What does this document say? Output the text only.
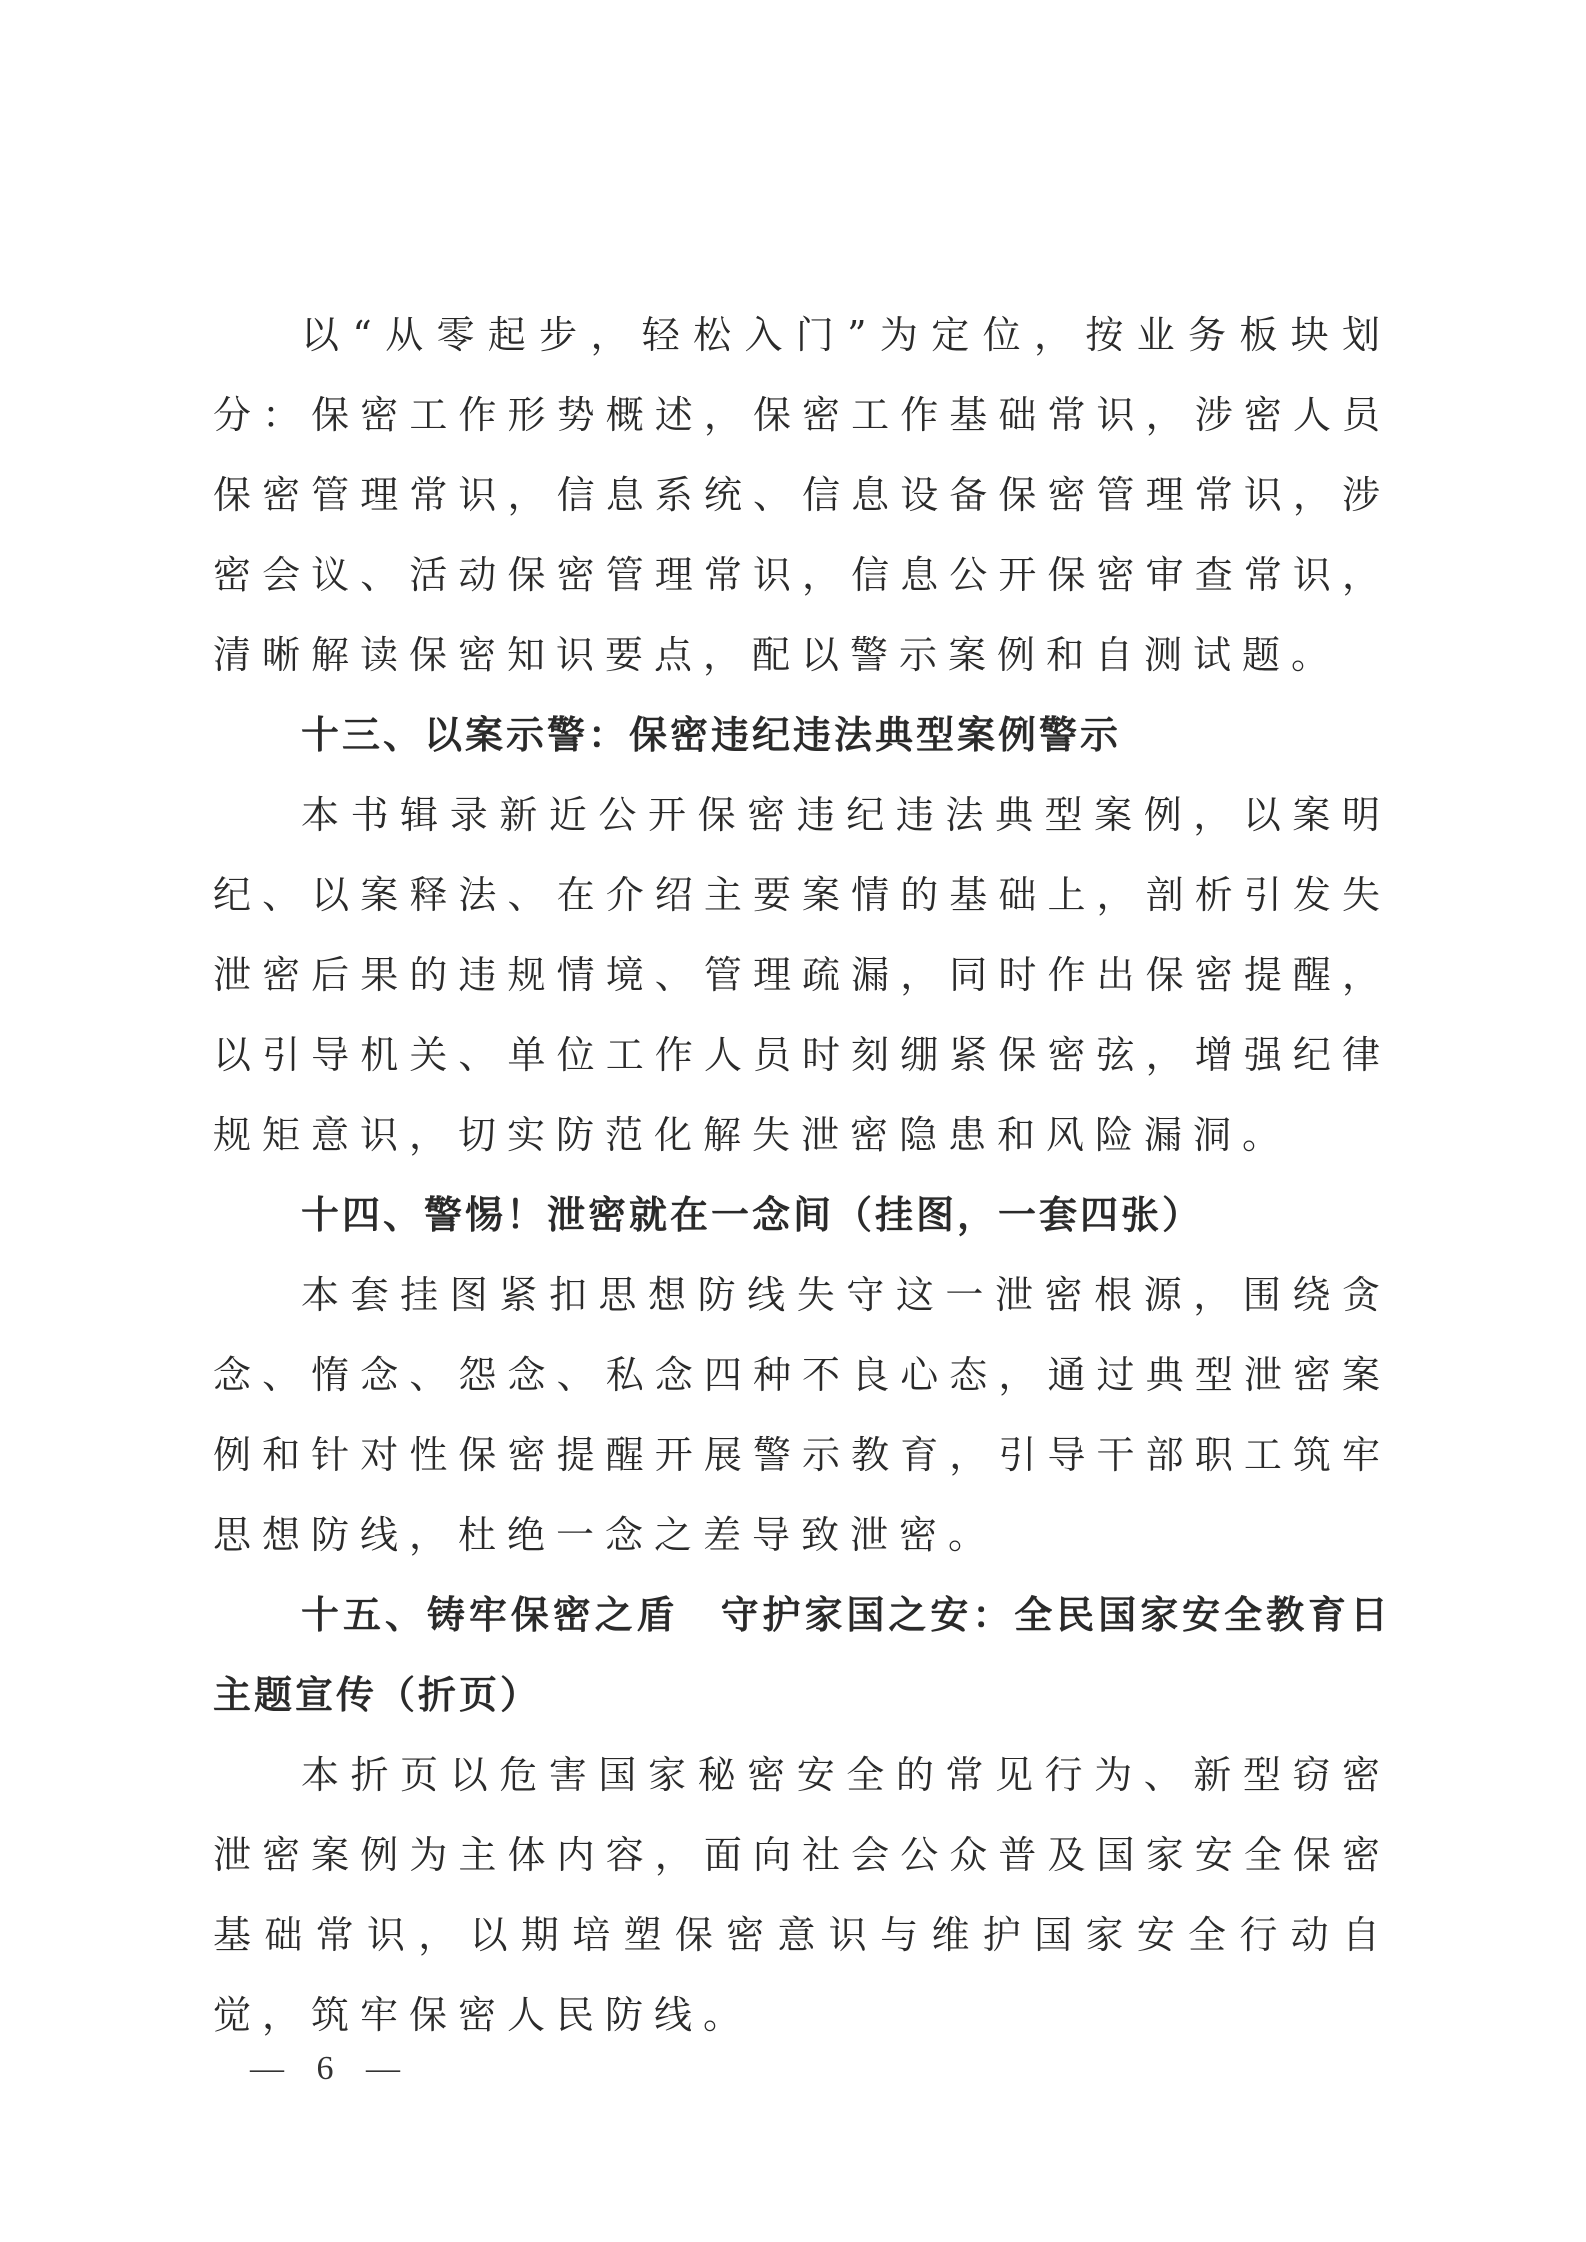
以“从零起步，轻松入门”为定位，按业务板块划分：保密工作形势概述，保密工作基础常识，涉密人员保密管理常识，信息系统、信息设备保密管理常识，涉密会议、活动保密管理常识，信息公开保密审查常识，清晰解读保密知识要点，配以警示案例和自测试题。

十三、以案示警：保密违纪违法典型案例警示

本书辑录新近公开保密违纪违法典型案例，以案明纪、以案释法、在介绍主要案情的基础上，剖析引发失泄密后果的违规情境、管理疏漏，同时作出保密提醒，以引导机关、单位工作人员时刻绷紧保密弦，增强纪律规矩意识，切实防范化解失泄密隐患和风险漏洞。

十四、警惕！泄密就在一念间（挂图，一套四张）

本套挂图紧扣思想防线失守这一泄密根源，围绕贪念、惰念、怨念、私念四种不良心态，通过典型泄密案例和针对性保密提醒开展警示教育，引导干部职工筑牢思想防线，杜绝一念之差导致泄密。

十五、铸牢保密之盾　守护家国之安：全民国家安全教育日主题宣传（折页）

本折页以危害国家秘密安全的常见行为、新型窃密泄密案例为主体内容，面向社会公众普及国家安全保密基础常识，以期培塑保密意识与维护国家安全行动自觉，筑牢保密人民防线。

— 6 —
